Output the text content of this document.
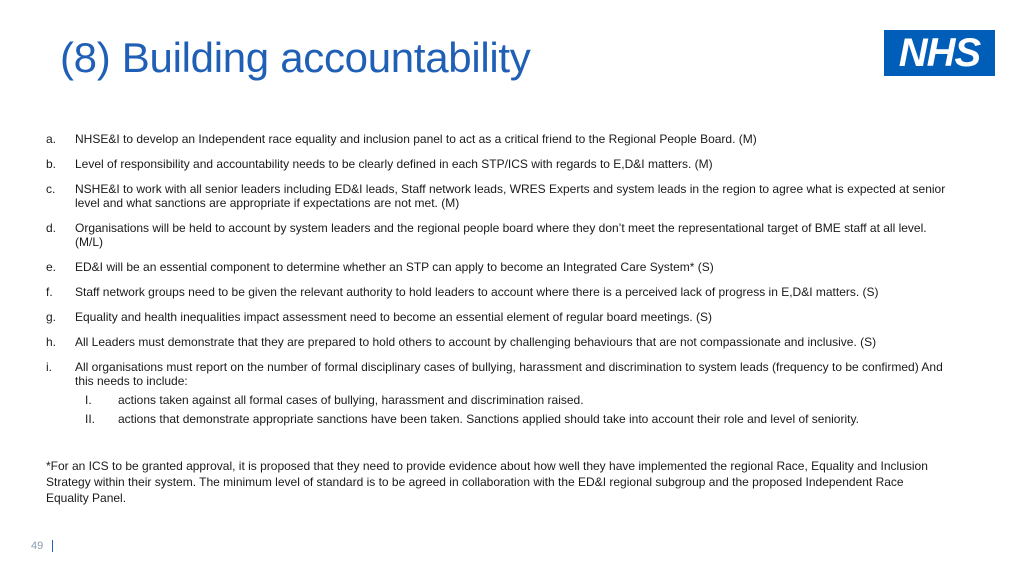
(8) Building accountability	NHS
a.	NHSE&I to develop an Independent race equality and inclusion panel to act as a critical friend to the Regional People Board. (M)
b.	Level of responsibility and accountability needs to be clearly defined in each STP/ICS with regards to E,D&I matters. (M)
c.	NSHE&I to work with all senior leaders including ED&I leads, Staff network leads, WRES Experts and system leads in the region to agree what is expected at senior level and what sanctions are appropriate if expectations are not met. (M)
d.	Organisations will be held to account by system leaders and the regional people board where they don’t meet the representational target of BME staff at all level. (M/L)
e.	ED&I will be an essential component to determine whether an STP can apply to become an Integrated Care System* (S)
f.	Staff network groups need to be given the relevant authority to hold leaders to account where there is a perceived lack of progress in E,D&I matters. (S)
g.	Equality and health inequalities impact assessment need to become an essential element of regular board meetings. (S)
h.	All Leaders must demonstrate that they are prepared to hold others to account by challenging behaviours that are not compassionate and inclusive. (S)
i.	All organisations must report on the number of formal disciplinary cases of bullying, harassment and discrimination to system leads (frequency to be confirmed) And this needs to include:
I.	actions taken against all formal cases of bullying, harassment and discrimination raised.
II.	actions that demonstrate appropriate sanctions have been taken. Sanctions applied should take into account their role and level of seniority.

*For an ICS to be granted approval, it is proposed that they need to provide evidence about how well they have implemented the regional Race, Equality and Inclusion Strategy within their system. The minimum level of standard is to be agreed in collaboration with the ED&I regional subgroup and the proposed Independent Race Equality Panel.

49
